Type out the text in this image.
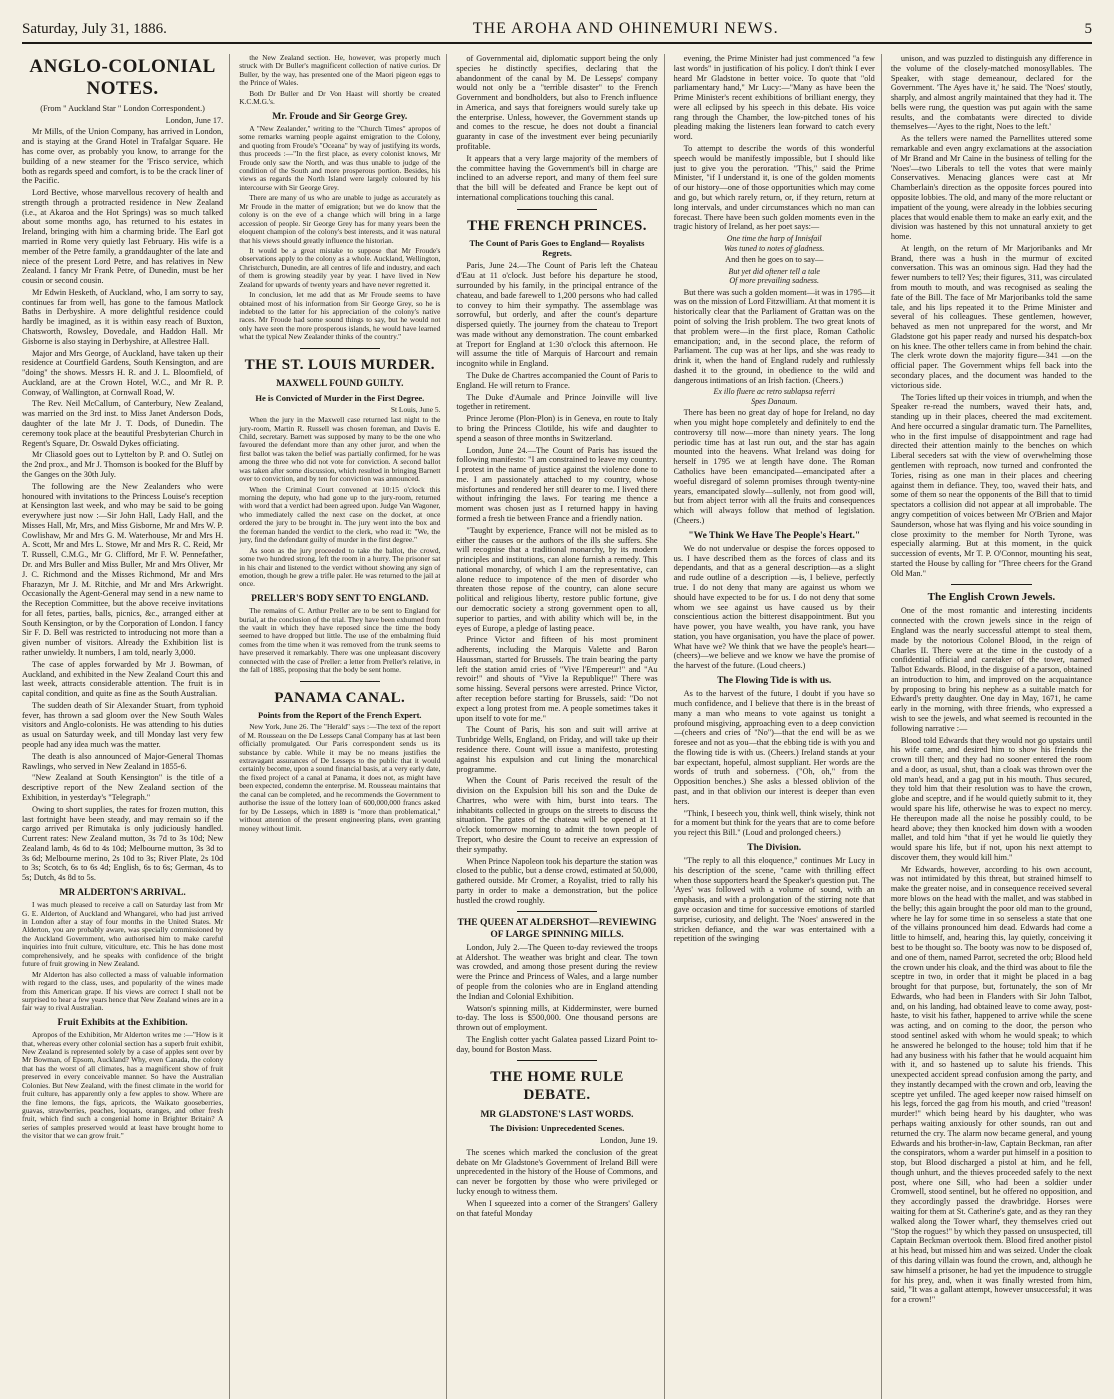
Saturday, July 31, 1886.	THE AROHA AND OHINEMURI NEWS.	5
ANGLO-COLONIAL NOTES.

(From " Auckland Star " London Correspondent.)

London, June 17.

Mr Mills, of the Union Company, has arrived in London, and is staying at the Grand Hotel in Trafalgar Square. He has come over, as probably you know, to arrange for the building of a new steamer for the 'Frisco service, which both as regards speed and comfort, is to be the crack liner of the Pacific.

Lord Bective, whose marvellous recovery of health and strength through a protracted residence in New Zealand (i.e., at Akaroa and the Hot Springs) was so much talked about some months ago, has returned to his estates in Ireland, bringing with him a charming bride. The Earl got married in Rome very quietly last February. His wife is a member of the Petre family, a granddaughter of the late and niece of the present Lord Petre, and has relatives in New Zealand. I fancy Mr Frank Petre, of Dunedin, must be her cousin or second cousin.

Mr Edwin Hesketh, of Auckland, who, I am sorry to say, continues far from well, has gone to the famous Matlock Baths in Derbyshire. A more delightful residence could hardly be imagined, as it is within easy reach of Buxton, Chatsworth, Rowsley, Dovedale, and Haddon Hall. Mr Gisborne is also staying in Derbyshire, at Allestree Hall.

Major and Mrs George, of Auckland, have taken up their residence at Courtfield Gardens, South Kensington, and are "doing" the shows. Messrs H. R. and J. L. Bloomfield, of Auckland, are at the Crown Hotel, W.C., and Mr R. P. Conway, of Wallington, at Cornwall Road, W.

The Rev. Neil McCallum, of Canterbury, New Zealand, was married on the 3rd inst. to Miss Janet Anderson Dods, daughter of the late Mr J. T. Dods, of Dunedin. The ceremony took place at the beautiful Presbyterian Church in Regent's Square, Dr. Oswald Dykes officiating.

Mr Cliasold goes out to Lyttelton by P. and O. Sutlej on the 2nd prox., and Mr J. Thomson is booked for the Bluff by the Ganges on the 30th July.

The following are the New Zealanders who were honoured with invitations to the Princess Louise's reception at Kensington last week, and who may be said to be going everywhere just now :—Sir John Hall, Lady Hall, and the Misses Hall, Mr, Mrs, and Miss Gisborne, Mr and Mrs W. P. Cowlishaw, Mr and Mrs G. M. Waterhouse, Mr and Mrs H. A. Scott, Mr and Mrs L. Stowe, Mr and Mrs R. C. Reid, Mr T. Russell, C.M.G., Mr G. Clifford, Mr F. W. Pennefather, Dr. and Mrs Buller and Miss Buller, Mr and Mrs Oliver, Mr J. C. Richmond and the Misses Richmond, Mr and Mrs Fharazyn, Mr J. M. Ritchie, and Mr and Mrs Arkwright. Occasionally the Agent-General may send in a new name to the Reception Committee, but the above receive invitations for all fetes, parties, balls, picnics, &c., arranged either at South Kensington, or by the Corporation of London. I fancy Sir F. D. Bell was restricted to introducing not more than a given number of visitors. Already the Exhibition list is rather unwieldy. It numbers, I am told, nearly 3,000.

The case of apples forwarded by Mr J. Bowman, of Auckland, and exhibited in the New Zealand Court this and last week, attracts considerable attention. The fruit is in capital condition, and quite as fine as the South Australian.

The sudden death of Sir Alexander Stuart, from typhoid fever, has thrown a sad gloom over the New South Wales visitors and Anglo-colonists. He was attending to his duties as usual on Saturday week, and till Monday last very few people had any idea much was the matter.

The death is also announced of Major-General Thomas Rawlings, who served in New Zealand in 1855-6.

"New Zealand at South Kensington" is the title of a descriptive report of the New Zealand section of the Exhibition, in yesterday's "Telegraph."

Owing to short supplies, the rates for frozen mutton, this last fortnight have been steady, and may remain so if the cargo arrived per Rimutaka is only judiciously handled. Current rates: New Zealand mutton, 3s 7d to 3s 10d; New Zealand lamb, 4s 6d to 4s 10d; Melbourne mutton, 3s 3d to 3s 6d; Melbourne merino, 2s 10d to 3s; River Plate, 2s 10d to 3s; Scotch, 6s to 6s 4d; English, 6s to 6s; German, 4s to 5s; Dutch, 4s 8d to 5s.

MR ALDERTON'S ARRIVAL.

I was much pleased to receive a call on Saturday last from Mr G. E. Alderton, of Auckland and Whangarei, who had just arrived in London after a stay of four months in the United States. Mr Alderton, you are probably aware, was specially commissioned by the Auckland Government, who authorised him to make careful inquiries into fruit culture, viticulture, etc. This he has done most comprehensively, and he speaks with confidence of the bright future of fruit growing in New Zealand.

Mr Alderton has also collected a mass of valuable information with regard to the class, uses, and popularity of the wines made from this American grape. If his views are correct I shall not be surprised to hear a few years hence that New Zealand wines are in a fair way to rival Australian.

Fruit Exhibits at the Exhibition.

Apropos of the Exhibition, Mr Alderton writes me :—"How is it that, whereas every other colonial section has a superb fruit exhibit, New Zealand is represented solely by a case of apples sent over by Mr Bowman, of Epsom, Auckland? Why, even Canada, the colony that has the worst of all climates, has a magnificent show of fruit preserved in every conceivable manner. So have the Australian Colonies. But New Zealand, with the finest climate in the world for fruit culture, has apparently only a few apples to show. Where are the fine lemons, the figs, apricots, the Waikato gooseberries, guavas, strawberries, peaches, loquats, oranges, and other fresh fruit, which find such a congenial home in Brighter Britain? A series of samples preserved would at least have brought home to the visitor that we can grow fruit."

the New Zealand section. He, however, was properly much struck with Dr Buller's magnificent collection of native curios. Dr Buller, by the way, has presented one of the Maori pigeon eggs to the Prince of Wales.

Both Dr Buller and Dr Von Haast will shortly be created K.C.M.G.'s.

Mr. Froude and Sir George Grey.

A "New Zealander," writing to the "Church Times" apropos of some remarks warning people against emigration to the Colony, and quoting from Froude's "Oceana" by way of justifying its words, thus proceeds :—"In the first place, as every colonist knows, Mr Froude only saw the North, and was thus unable to judge of the condition of the South and more prosperous portion. Besides, his views as regards the North Island were largely coloured by his intercourse with Sir George Grey.

There are many of us who are unable to judge as accurately as Mr Froude in the matter of emigration; but we do know that the colony is on the eve of a change which will bring in a large accession of people. Sir George Grey has for many years been the eloquent champion of the colony's best interests, and it was natural that his views should greatly influence the historian.

It would be a great mistake to suppose that Mr Froude's observations apply to the colony as a whole. Auckland, Wellington, Christchurch, Dunedin, are all centres of life and industry, and each of them is growing steadily year by year. I have lived in New Zealand for upwards of twenty years and have never regretted it.

In conclusion, let me add that as Mr Froude seems to have obtained most of his information from Sir George Grey, so he is indebted to the latter for his appreciation of the colony's native races. Mr Froude had some sound things to say, but he would not only have seen the more prosperous islands, he would have learned what the typical New Zealander thinks of the country."

THE ST. LOUIS MURDER.
MAXWELL FOUND GUILTY.
He is Convicted of Murder in the First Degree.

St Louis, June 5.

When the jury in the Maxwell case returned last night to the jury-room, Martin R. Russell was chosen foreman, and Davis E. Child, secretary. Barnett was supposed by many to be the one who favoured the defendant more than any other juror, and when the first ballot was taken the belief was partially confirmed, for he was among the three who did not vote for conviction. A second ballot was taken after some discussion, which resulted in bringing Barnett over to conviction, and by ten for conviction was announced.

When the Criminal Court convened at 10:15 o'clock this morning the deputy, who had gone up to the jury-room, returned with word that a verdict had been agreed upon. Judge Van Wagoner, who immediately called the next case on the docket, at once ordered the jury to be brought in. The jury went into the box and the foreman handed the verdict to the clerk, who read it: "We, the jury, find the defendant guilty of murder in the first degree."

As soon as the jury proceeded to take the ballot, the crowd, some two hundred strong, left the room in a hurry. The prisoner sat in his chair and listened to the verdict without showing any sign of emotion, though he grew a trifle paler. He was returned to the jail at once.

PRELLER'S BODY SENT TO ENGLAND.

The remains of C. Arthur Preller are to be sent to England for burial, at the conclusion of the trial. They have been exhumed from the vault in which they have reposed since the time the body seemed to have dropped but little. The use of the embalming fluid comes from the time when it was removed from the trunk seems to have preserved it remarkably. There was one unpleasant discovery connected with the case of Preller: a letter from Preller's relative, in the fall of 1885, proposing that the body be sent home.

PANAMA CANAL.
Points from the Report of the French Expert.

New York, June 26. The "Herald" says :—The text of the report of M. Rousseau on the De Lesseps Canal Company has at last been officially promulgated. Our Paris correspondent sends us its substance by cable. While it may be no means justifies the extravagant assurances of De Lesseps to the public that it would certainly become, upon a sound financial basis, at a very early date, the fixed project of a canal at Panama, it does not, as might have been expected, condemn the enterprise. M. Rousseau maintains that the canal can be completed, and he recommends the Government to authorise the issue of the lottery loan of 600,000,000 francs asked for by De Lesseps, which in 1889 is "more than problematical," without attention of the present engineering plans, even granting money without limit.

of Governmental aid, diplomatic support being the only species he distinctly specifies, declaring that the abandonment of the canal by M. De Lesseps' company would not only be a "terrible disaster" to the French Government and bondholders, but also to French influence in America, and says that foreigners would surely take up the enterprise. Unless, however, the Government stands up and comes to the rescue, he does not doubt a financial guaranty in case of the investment ever being pecuniarily profitable.

It appears that a very large majority of the members of the committee having the Government's bill in charge are inclined to an adverse report, and many of them feel sure that the bill will be defeated and France be kept out of international complications touching this canal.

THE FRENCH PRINCES.
The Count of Paris Goes to England— Royalists Regrets.

Paris, June 24.—The Count of Paris left the Chateau d'Eau at 11 o'clock. Just before his departure he stood, surrounded by his family, in the principal entrance of the chateau, and bade farewell to 1,200 persons who had called to convey to him their sympathy. The assemblage was sorrowful, but orderly, and after the count's departure dispersed quietly. The journey from the chateau to Treport was made without any demonstration. The count embarked at Treport for England at 1:30 o'clock this afternoon. He will assume the title of Marquis of Harcourt and remain incognito while in England.

The Duke de Chartres accompanied the Count of Paris to England. He will return to France.

The Duke d'Aumale and Prince Joinville will live together in retirement.

Prince Jerome (Plon-Plon) is in Geneva, en route to Italy to bring the Princess Clotilde, his wife and daughter to spend a season of three months in Switzerland.

London, June 24.—The Count of Paris has issued the following manifesto: "I am constrained to leave my country. I protest in the name of justice against the violence done to me. I am passionately attached to my country, whose misfortunes and rendered her still dearer to me. I lived there without infringing the laws. For tearing me thence a moment was chosen just as I returned happy in having formed a fresh tie between France and a friendly nation.

"Taught by experience, France will not be misled as to either the causes or the authors of the ills she suffers. She will recognise that a traditional monarchy, by its modern principles and institutions, can alone furnish a remedy. This national monarchy, of which I am the representative, can alone reduce to impotence of the men of disorder who threaten those repose of the country, can alone secure political and religious liberty, restore public fortune, give our democratic society a strong government open to all, superior to parties, and with ability which will be, in the eyes of Europe, a pledge of lasting peace.

Prince Victor and fifteen of his most prominent adherents, including the Marquis Valette and Baron Haussman, started for Brussels. The train bearing the party left the station amid cries of "Vive l'Empereur!" and "Au revoir!" and shouts of "Vive la Republique!" There was some hissing. Several persons were arrested. Prince Victor, after reception before starting for Brussels, said: "Do not expect a long protest from me. A people sometimes takes it upon itself to vote for me."

The Count of Paris, his son and suit will arrive at Tunbridge Wells, England, on Friday, and will take up their residence there. Count will issue a manifesto, protesting against his expulsion and cut lining the monarchical programme.

When the Count of Paris received the result of the division on the Expulsion bill his son and the Duke de Chartres, who were with him, burst into tears. The inhabitants collected in groups on the streets to discuss the situation. The gates of the chateau will be opened at 11 o'clock tomorrow morning to admit the town people of Treport, who desire the Count to receive an expression of their sympathy.

When Prince Napoleon took his departure the station was closed to the public, but a dense crowd, estimated at 50,000, gathered outside. Mr Cromer, a Royalist, tried to rally his party in order to make a demonstration, but the police hustled the crowd roughly.

THE QUEEN AT ALDERSHOT—REVIEWING OF LARGE SPINNING MILLS.

London, July 2.—The Queen to-day reviewed the troops at Aldershot. The weather was bright and clear. The town was crowded, and among those present during the review were the Prince and Princess of Wales, and a large number of people from the colonies who are in England attending the Indian and Colonial Exhibition.

Watson's spinning mills, at Kidderminster, were burned to-day. The loss is $500,000. One thousand persons are thrown out of employment.

The English cotter yacht Galatea passed Lizard Point to-day, bound for Boston Mass.

THE HOME RULE DEBATE.
MR GLADSTONE'S LAST WORDS.
The Division: Unprecedented Scenes.

London, June 19.

The scenes which marked the conclusion of the great debate on Mr Gladstone's Government of Ireland Bill were unprecedented in the history of the House of Commons, and can never be forgotten by those who were privileged or lucky enough to witness them.

When I squeezed into a corner of the Strangers' Gallery on that fateful Monday

evening, the Prime Minister had just commenced "a few last words" in justification of his policy. I don't think I ever heard Mr Gladstone in better voice. To quote that "old parliamentary hand," Mr Lucy:—"Many as have been the Prime Minister's recent exhibitions of brilliant energy, they were all eclipsed by his speech in this debate. His voice rang through the Chamber, the low-pitched tones of his pleading making the listeners lean forward to catch every word.

To attempt to describe the words of this wonderful speech would be manifestly impossible, but I should like just to give you the peroration. "This," said the Prime Minister, "if I understand it, is one of the golden moments of our history—one of those opportunities which may come and go, but which rarely return, or, if they return, return at long intervals, and under circumstances which no man can forecast. There have been such golden moments even in the tragic history of Ireland, as her poet says:—

One time the harp of Innisfail
Was tuned to notes of gladness.

And then he goes on to say—

But yet did oftener tell a tale
Of more prevailing sadness.

But there was such a golden moment—it was in 1795—it was on the mission of Lord Fitzwilliam. At that moment it is historically clear that the Parliament of Grattan was on the point of solving the Irish problem. The two great knots of that problem were—in the first place, Roman Catholic emancipation; and, in the second place, the reform of Parliament. The cup was at her lips, and she was ready to drink it, when the hand of England rudely and ruthlessly dashed it to the ground, in obedience to the wild and dangerous intimations of an Irish faction. (Cheers.)

Ex illo fluere ac retro sublapsa referri
Spes Danaum.

There has been no great day of hope for Ireland, no day when you might hope completely and definitely to end the controversy till now—more than ninety years. The long periodic time has at last run out, and the star has again mounted into the heavens. What Ireland was doing for herself in 1795 we at length have done. The Roman Catholics have been emancipated—emancipated after a woeful disregard of solemn promises through twenty-nine years, emancipated slowly—sullenly, not from good will, but from abject terror with all the fruits and consequences which will always follow that method of legislation. (Cheers.)

"We Think We Have The People's Heart."

We do not undervalue or despise the forces opposed to us. I have described them as the forces of class and its dependants, and that as a general description—as a slight and rude outline of a description —is, I believe, perfectly true. I do not deny that many are against us whom we should have expected to be for us. I do not deny that some whom we see against us have caused us by their conscientious action the bitterest disappointment. But you have power, you have wealth, you have rank, you have station, you have organisation, you have the place of power. What have we? We think that we have the people's heart—(cheers)—we believe and we know we have the promise of the harvest of the future. (Loud cheers.)

The Flowing Tide is with us.

As to the harvest of the future, I doubt if you have so much confidence, and I believe that there is in the breast of many a man who means to vote against us tonight a profound misgiving, approaching even to a deep conviction—(cheers and cries of "No")—that the end will be as we foresee and not as you—that the ebbing tide is with you and the flowing tide is with us. (Cheers.) Ireland stands at your bar expectant, hopeful, almost suppliant. Her words are the words of truth and soberness. ("Oh, oh," from the Opposition benches.) She asks a blessed oblivion of the past, and in that oblivion our interest is deeper than even hers.

"Think, I beseech you, think well, think wisely, think not for a moment but think for the years that are to come before you reject this Bill." (Loud and prolonged cheers.)

The Division.

"The reply to all this eloquence," continues Mr Lucy in his description of the scene, "came with thrilling effect when those supporters heard the Speaker's question put. The 'Ayes' was followed with a volume of sound, with an emphasis, and with a prolongation of the stirring note that gave occasion and time for successive emotions of startled surprise, curiosity, and delight. The 'Noes' answered in the stricken defiance, and the war was entertained with a repetition of the swinging

unison, and was puzzled to distinguish any difference in the volume of the closely-matched monosyllables. The Speaker, with stage demeanour, declared for the Government. 'The Ayes have it,' he said. The 'Noes' stoutly, sharply, and almost angrily maintained that they had it. The bells were rung, the question was put again with the same results, and the combatants were directed to divide themselves—'Ayes to the right, Noes to the left.'

As the tellers were named the Parnellites uttered some remarkable and even angry exclamations at the association of Mr Brand and Mr Caine in the business of telling for the 'Noes'—two Liberals to tell the votes that were mainly Conservatives. Menacing glances were cast at Mr Chamberlain's direction as the opposite forces poured into opposite lobbies. The old, and many of the more reluctant or impatient of the young, were already in the lobbies securing places that would enable them to make an early exit, and the division was hastened by this not unnatural anxiety to get home.

At length, on the return of Mr Marjoribanks and Mr Brand, there was a hush in the murmur of excited conversation. This was an ominous sign. Had they had the fewer numbers to tell? Yes; their figures, 311, was circulated from mouth to mouth, and was recognised as sealing the fate of the Bill. The face of Mr Marjoribanks told the same tale, and his lips repeated it to the Prime Minister and several of his colleagues. These gentlemen, however, behaved as men not unprepared for the worst, and Mr Gladstone got his paper ready and nursed his despatch-box on his knee. The other tellers came in from behind the chair. The clerk wrote down the majority figure—341 —on the official paper. The Government whips fell back into the secondary places, and the document was handed to the victorious side.

The Tories lifted up their voices in triumph, and when the Speaker re-read the numbers, waved their hats, and, standing up in their places, cheered the mad excitement. And here occurred a singular dramatic turn. The Parnellites, who in the first impulse of disappointment and rage had directed their attention mainly to the benches on which Liberal seceders sat with the view of overwhelming those gentlemen with reproach, now turned and confronted the Tories, rising as one man in their places and cheering against them in defiance. They, too, waved their hats, and some of them so near the opponents of the Bill that to timid spectators a collision did not appear at all improbable. The angry competition of voices between Mr O'Brien and Major Saunderson, whose hat was flying and his voice sounding in close proximity to the member for North Tyrone, was especially alarming. But at this moment, in the quick succession of events, Mr T. P. O'Connor, mounting his seat, started the House by calling for "Three cheers for the Grand Old Man."

The English Crown Jewels.

One of the most romantic and interesting incidents connected with the crown jewels since in the reign of England was the nearly successful attempt to steal them, made by the notorious Colonel Blood, in the reign of Charles II. There were at the time in the custody of a confidential official and caretaker of the tower, named Talbot Edwards. Blood, in the disguise of a parson, obtained an introduction to him, and improved on the acquaintance by proposing to bring his nephew as a suitable match for Edward's pretty daughter. One day in May, 1671, he came early in the morning, with three friends, who expressed a wish to see the jewels, and what seemed is recounted in the following narrative :—

Blood told Edwards that they would not go upstairs until his wife came, and desired him to show his friends the crown till then; and they had no sooner entered the room and a door, as usual, shut, than a cloak was thrown over the old man's head, and a gag put in his mouth. Thus secured, they told him that their resolution was to have the crown, globe and sceptre, and if he would quietly submit to it, they would spare his life, otherwise he was to expect no mercy. He thereupon made all the noise he possibly could, to be heard above; they then knocked him down with a wooden mallet, and told him "that if yet he would lie quietly they would spare his life, but if not, upon his next attempt to discover them, they would kill him."

Mr Edwards, however, according to his own account, was not intimidated by this threat, but strained himself to make the greater noise, and in consequence received several more blows on the head with the mallet, and was stabbed in the belly; this again brought the poor old man to the ground, where he lay for some time in so senseless a state that one of the villains pronounced him dead. Edwards had come a little to himself, and, hearing this, lay quietly, conceiving it best to be thought so. The booty was now to be disposed of, and one of them, named Parrot, secreted the orb; Blood held the crown under his cloak, and the third was about to file the sceptre in two, in order that it might be placed in a bag brought for that purpose, but, fortunately, the son of Mr Edwards, who had been in Flanders with Sir John Talbot, and, on his landing, had obtained leave to come away, post-haste, to visit his father, happened to arrive while the scene was acting, and on coming to the door, the person who stood sentinel asked with whom he would speak; to which he answered he belonged to the house; told him that if he had any business with his father that he would acquaint him with it, and so hastened up to salute his friends. This unexpected accident spread confusion among the party, and they instantly decamped with the crown and orb, leaving the sceptre yet unfiled. The aged keeper now raised himself on his legs, forced the gag from his mouth, and cried "treason! murder!" which being heard by his daughter, who was perhaps waiting anxiously for other sounds, ran out and returned the cry. The alarm now became general, and young Edwards and his brother-in-law, Captain Beckman, ran after the conspirators, whom a warder put himself in a position to stop, but Blood discharged a pistol at him, and he fell, though unhurt, and the thieves proceeded safely to the next post, where one Sill, who had been a soldier under Cromwell, stood sentinel, but he offered no opposition, and they accordingly passed the drawbridge. Horses were waiting for them at St. Catherine's gate, and as they ran they walked along the Tower wharf, they themselves cried out "Stop the rogues!" by which they passed on unsuspected, till Captain Beckman overtook them. Blood fired another pistol at his head, but missed him and was seized. Under the cloak of this daring villain was found the crown, and, although he saw himself a prisoner, he had yet the impudence to struggle for his prey, and, when it was finally wrested from him, said, "It was a gallant attempt, however unsuccessful; it was for a crown!"
